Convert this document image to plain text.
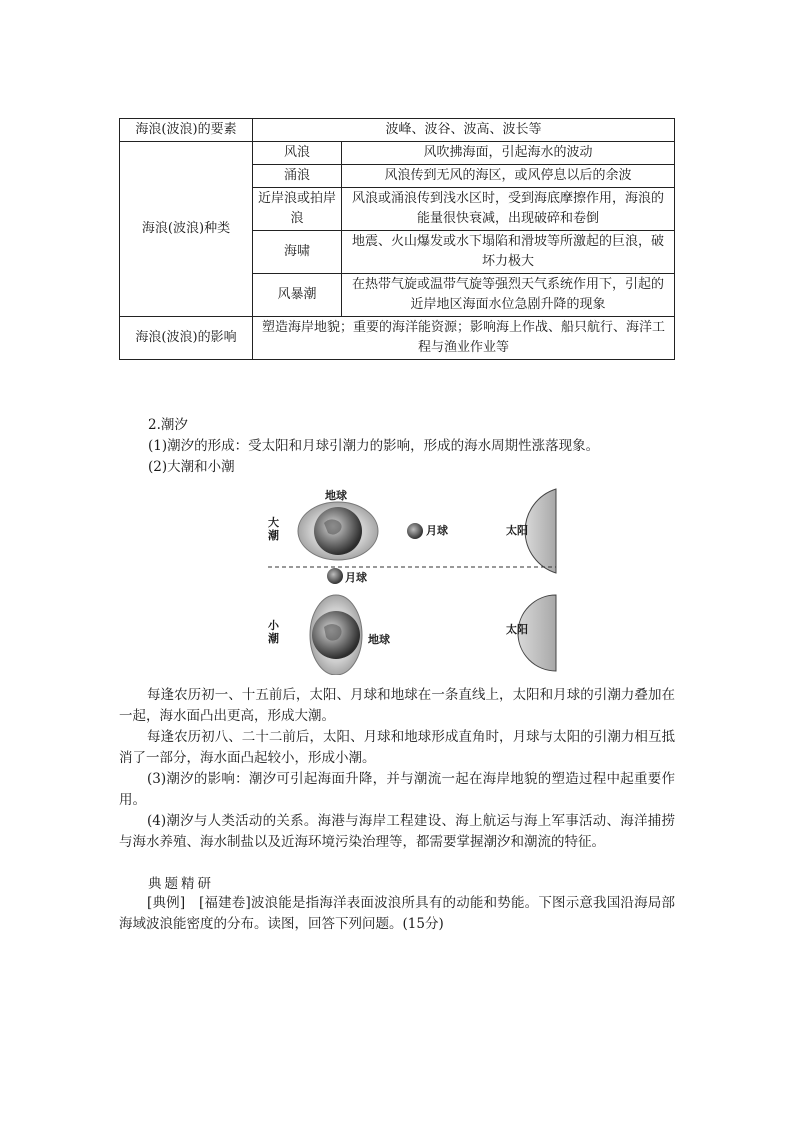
海浪(波浪)的要素	波峰、波谷、波高、波长等	
海浪(波浪)种类	风浪	风吹拂海面，引起海水的波动
	涌浪	风浪传到无风的海区，或风停息以后的余波
	近岸浪或拍岸浪	风浪或涌浪传到浅水区时，受到海底摩擦作用，海浪的能量很快衰减，出现破碎和卷倒
	海啸	地震、火山爆发或水下塌陷和滑坡等所激起的巨浪，破坏力极大
	风暴潮	在热带气旋或温带气旋等强烈天气系统作用下，引起的近岸地区海面水位急剧升降的现象
海浪(波浪)的影响	塑造海岸地貌；重要的海洋能资源；影响海上作战、船只航行、海洋工程与渔业作业等	
2.潮汐
(1)潮汐的形成：受太阳和月球引潮力的影响，形成的海水周期性涨落现象。
(2)大潮和小潮
地球
大潮	月球	太阳
月球
小潮	地球
太阳
每逢农历初一、十五前后，太阳、月球和地球在一条直线上，太阳和月球的引潮力叠加在一起，海水面凸出更高，形成大潮。
每逢农历初八、二十二前后，太阳、月球和地球形成直角时，月球与太阳的引潮力相互抵消了一部分，海水面凸起较小，形成小潮。
(3)潮汐的影响：潮汐可引起海面升降，并与潮流一起在海岸地貌的塑造过程中起重要作用。
(4)潮汐与人类活动的关系。海港与海岸工程建设、海上航运与海上军事活动、海洋捕捞与海水养殖、海水制盐以及近海环境污染治理等，都需要掌握潮汐和潮流的特征。
典题精研
[典例]　[福建卷]波浪能是指海洋表面波浪所具有的动能和势能。下图示意我国沿海局部海域波浪能密度的分布。读图，回答下列问题。(15分)
